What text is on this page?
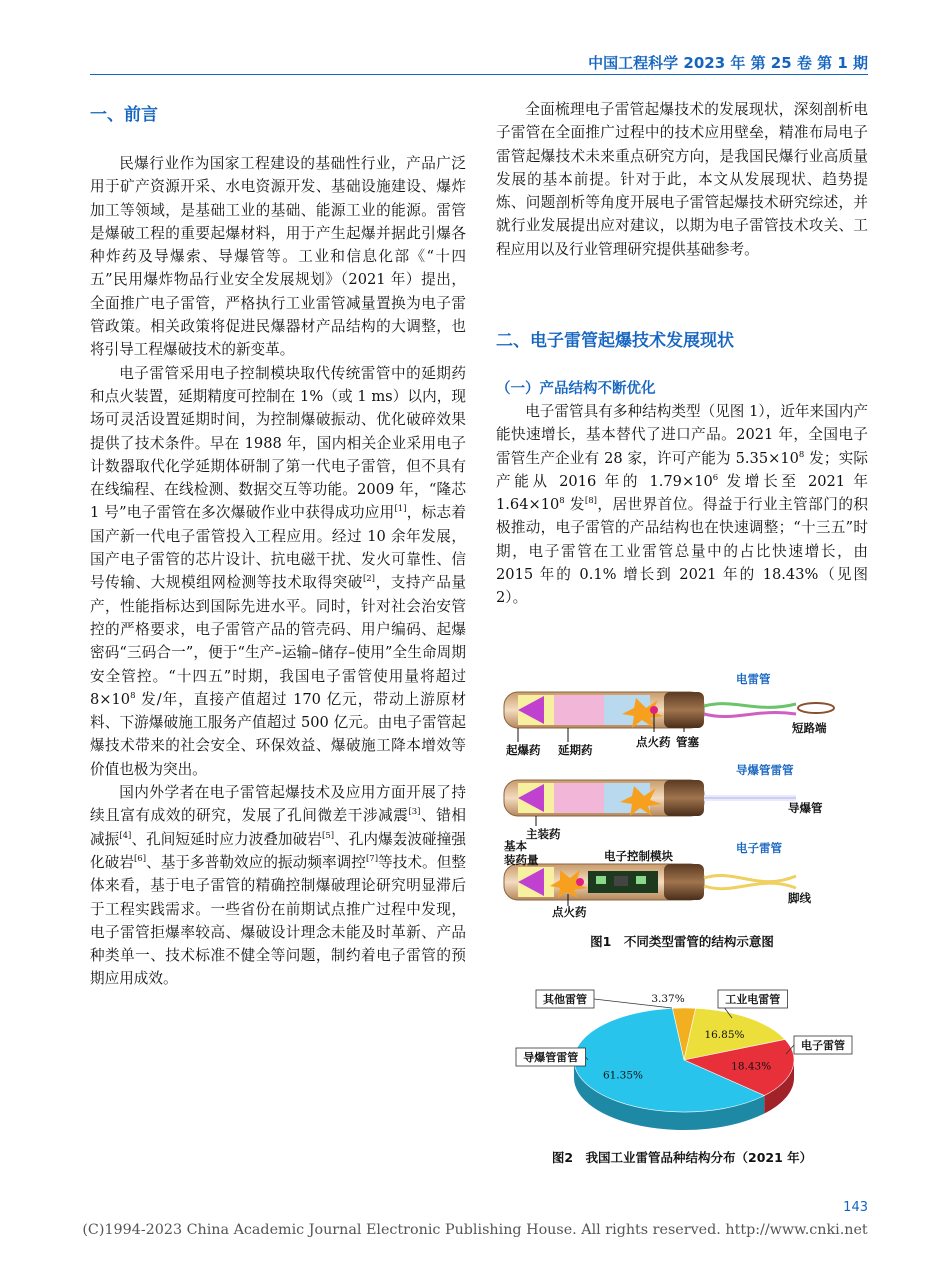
中国工程科学 2023 年 第 25 卷 第 1 期
一、前言

民爆行业作为国家工程建设的基础性行业，产品广泛用于矿产资源开采、水电资源开发、基础设施建设、爆炸加工等领域，是基础工业的基础、能源工业的能源。雷管是爆破工程的重要起爆材料，用于产生起爆并据此引爆各种炸药及导爆索、导爆管等。工业和信息化部《“十四五”民用爆炸物品行业安全发展规划》（2021 年）提出，全面推广电子雷管，严格执行工业雷管减量置换为电子雷管政策。相关政策将促进民爆器材产品结构的大调整，也将引导工程爆破技术的新变革。

电子雷管采用电子控制模块取代传统雷管中的延期药和点火装置，延期精度可控制在 1%（或 1 ms）以内，现场可灵活设置延期时间，为控制爆破振动、优化破碎效果提供了技术条件。早在 1988 年，国内相关企业采用电子计数器取代化学延期体研制了第一代电子雷管，但不具有在线编程、在线检测、数据交互等功能。2009 年，“隆芯 1 号”电子雷管在多次爆破作业中获得成功应用[1]，标志着国产新一代电子雷管投入工程应用。经过 10 余年发展，国产电子雷管的芯片设计、抗电磁干扰、发火可靠性、信号传输、大规模组网检测等技术取得突破[2]，支持产品量产，性能指标达到国际先进水平。同时，针对社会治安管控的严格要求，电子雷管产品的管壳码、用户编码、起爆密码“三码合一”，便于“生产–运输–储存–使用”全生命周期安全管控。“十四五”时期，我国电子雷管使用量将超过 $8\times 10^8$ 发/年，直接产值超过 170 亿元，带动上游原材料、下游爆破施工服务产值超过 500 亿元。由电子雷管起爆技术带来的社会安全、环保效益、爆破施工降本增效等价值也极为突出。

国内外学者在电子雷管起爆技术及应用方面开展了持续且富有成效的研究，发展了孔间微差干涉减震[3]、错相减振[4]、孔间短延时应力波叠加破岩[5]、孔内爆轰波碰撞强化破岩[6]、基于多普勒效应的振动频率调控[7]等技术。但整体来看，基于电子雷管的精确控制爆破理论研究明显滞后于工程实践需求。一些省份在前期试点推广过程中发现，电子雷管拒爆率较高、爆破设计理念未能及时革新、产品种类单一、技术标准不健全等问题，制约着电子雷管的预期应用成效。

全面梳理电子雷管起爆技术的发展现状，深刻剖析电子雷管在全面推广过程中的技术应用壁垒，精准布局电子雷管起爆技术未来重点研究方向，是我国民爆行业高质量发展的基本前提。针对于此，本文从发展现状、趋势提炼、问题剖析等角度开展电子雷管起爆技术研究综述，并就行业发展提出应对建议，以期为电子雷管技术攻关、工程应用以及行业管理研究提供基础参考。

二、电子雷管起爆技术发展现状
（一）产品结构不断优化

电子雷管具有多种结构类型（见图 1），近年来国内产能快速增长，基本替代了进口产品。2021 年，全国电子雷管生产企业有 28 家，许可产能为 $5.35\times 10^8$ 发；实际产能从 2016 年的 $1.79\times 10^6$ 发增长至 2021 年 $1.64\times 10^8$ 发[8]，居世界首位。得益于行业主管部门的积极推动，电子雷管的产品结构也在快速调整；“十三五”时期，电子雷管在工业雷管总量中的占比快速增长，由 2015 年的 0.1% 增长到 2021 年的 18.43%（见图 2）。

电雷管
短路端
起爆药 延期药
点火药 管塞
导爆管雷管
导爆管
主装药
电子雷管
脚线
电子控制模块
基本
装药量
点火药
图1　不同类型雷管的结构示意图
3.37%
16.85%
18.43%
61.35%
其他雷管	工业电雷管
电子雷管
导爆管雷管
图2　我国工业雷管品种结构分布（2021 年）
143
(C)1994-2023 China Academic Journal Electronic Publishing House. All rights reserved. http://www.cnki.net
